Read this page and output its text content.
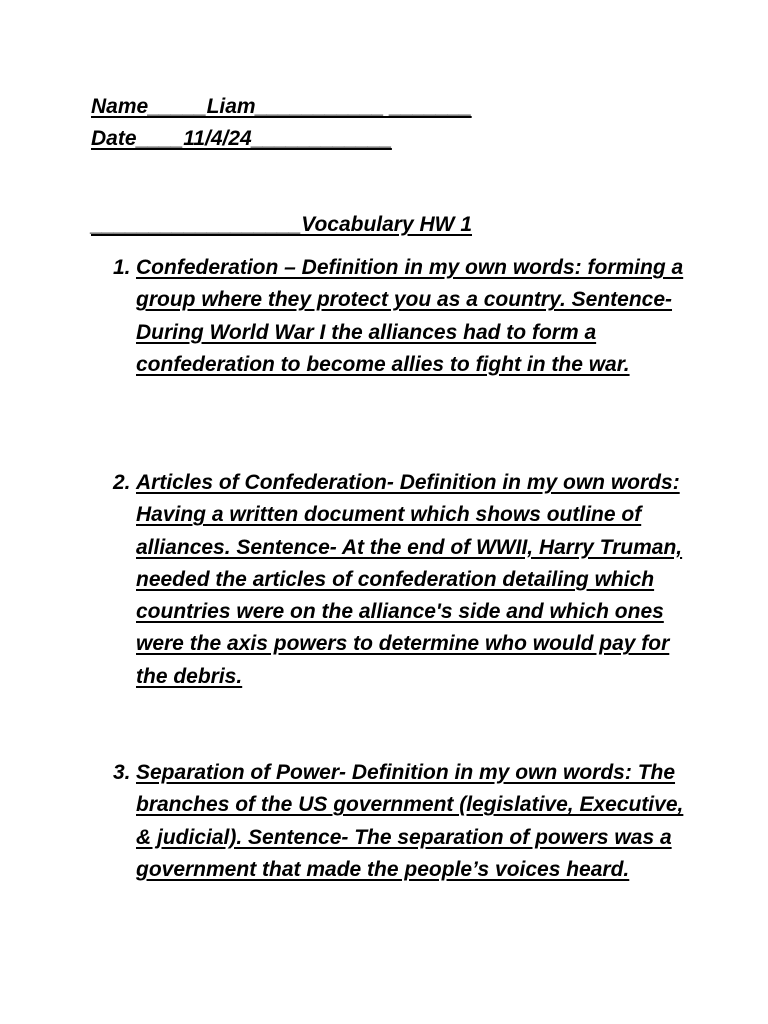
Name_____Liam___________ _______
Date____11/4/24____________
__________________Vocabulary HW 1
1. Confederation – Definition in my own words: forming a group where they protect you as a country. Sentence- During World War I the alliances had to form a confederation to become allies to fight in the war.
2. Articles of Confederation- Definition in my own words: Having a written document which shows outline of alliances. Sentence- At the end of WWII, Harry Truman, needed the articles of confederation detailing which countries were on the alliance's side and which ones were the axis powers to determine who would pay for the debris.
3. Separation of Power- Definition in my own words: The branches of the US government (legislative, Executive, & judicial). Sentence- The separation of powers was a government that made the people’s voices heard.
